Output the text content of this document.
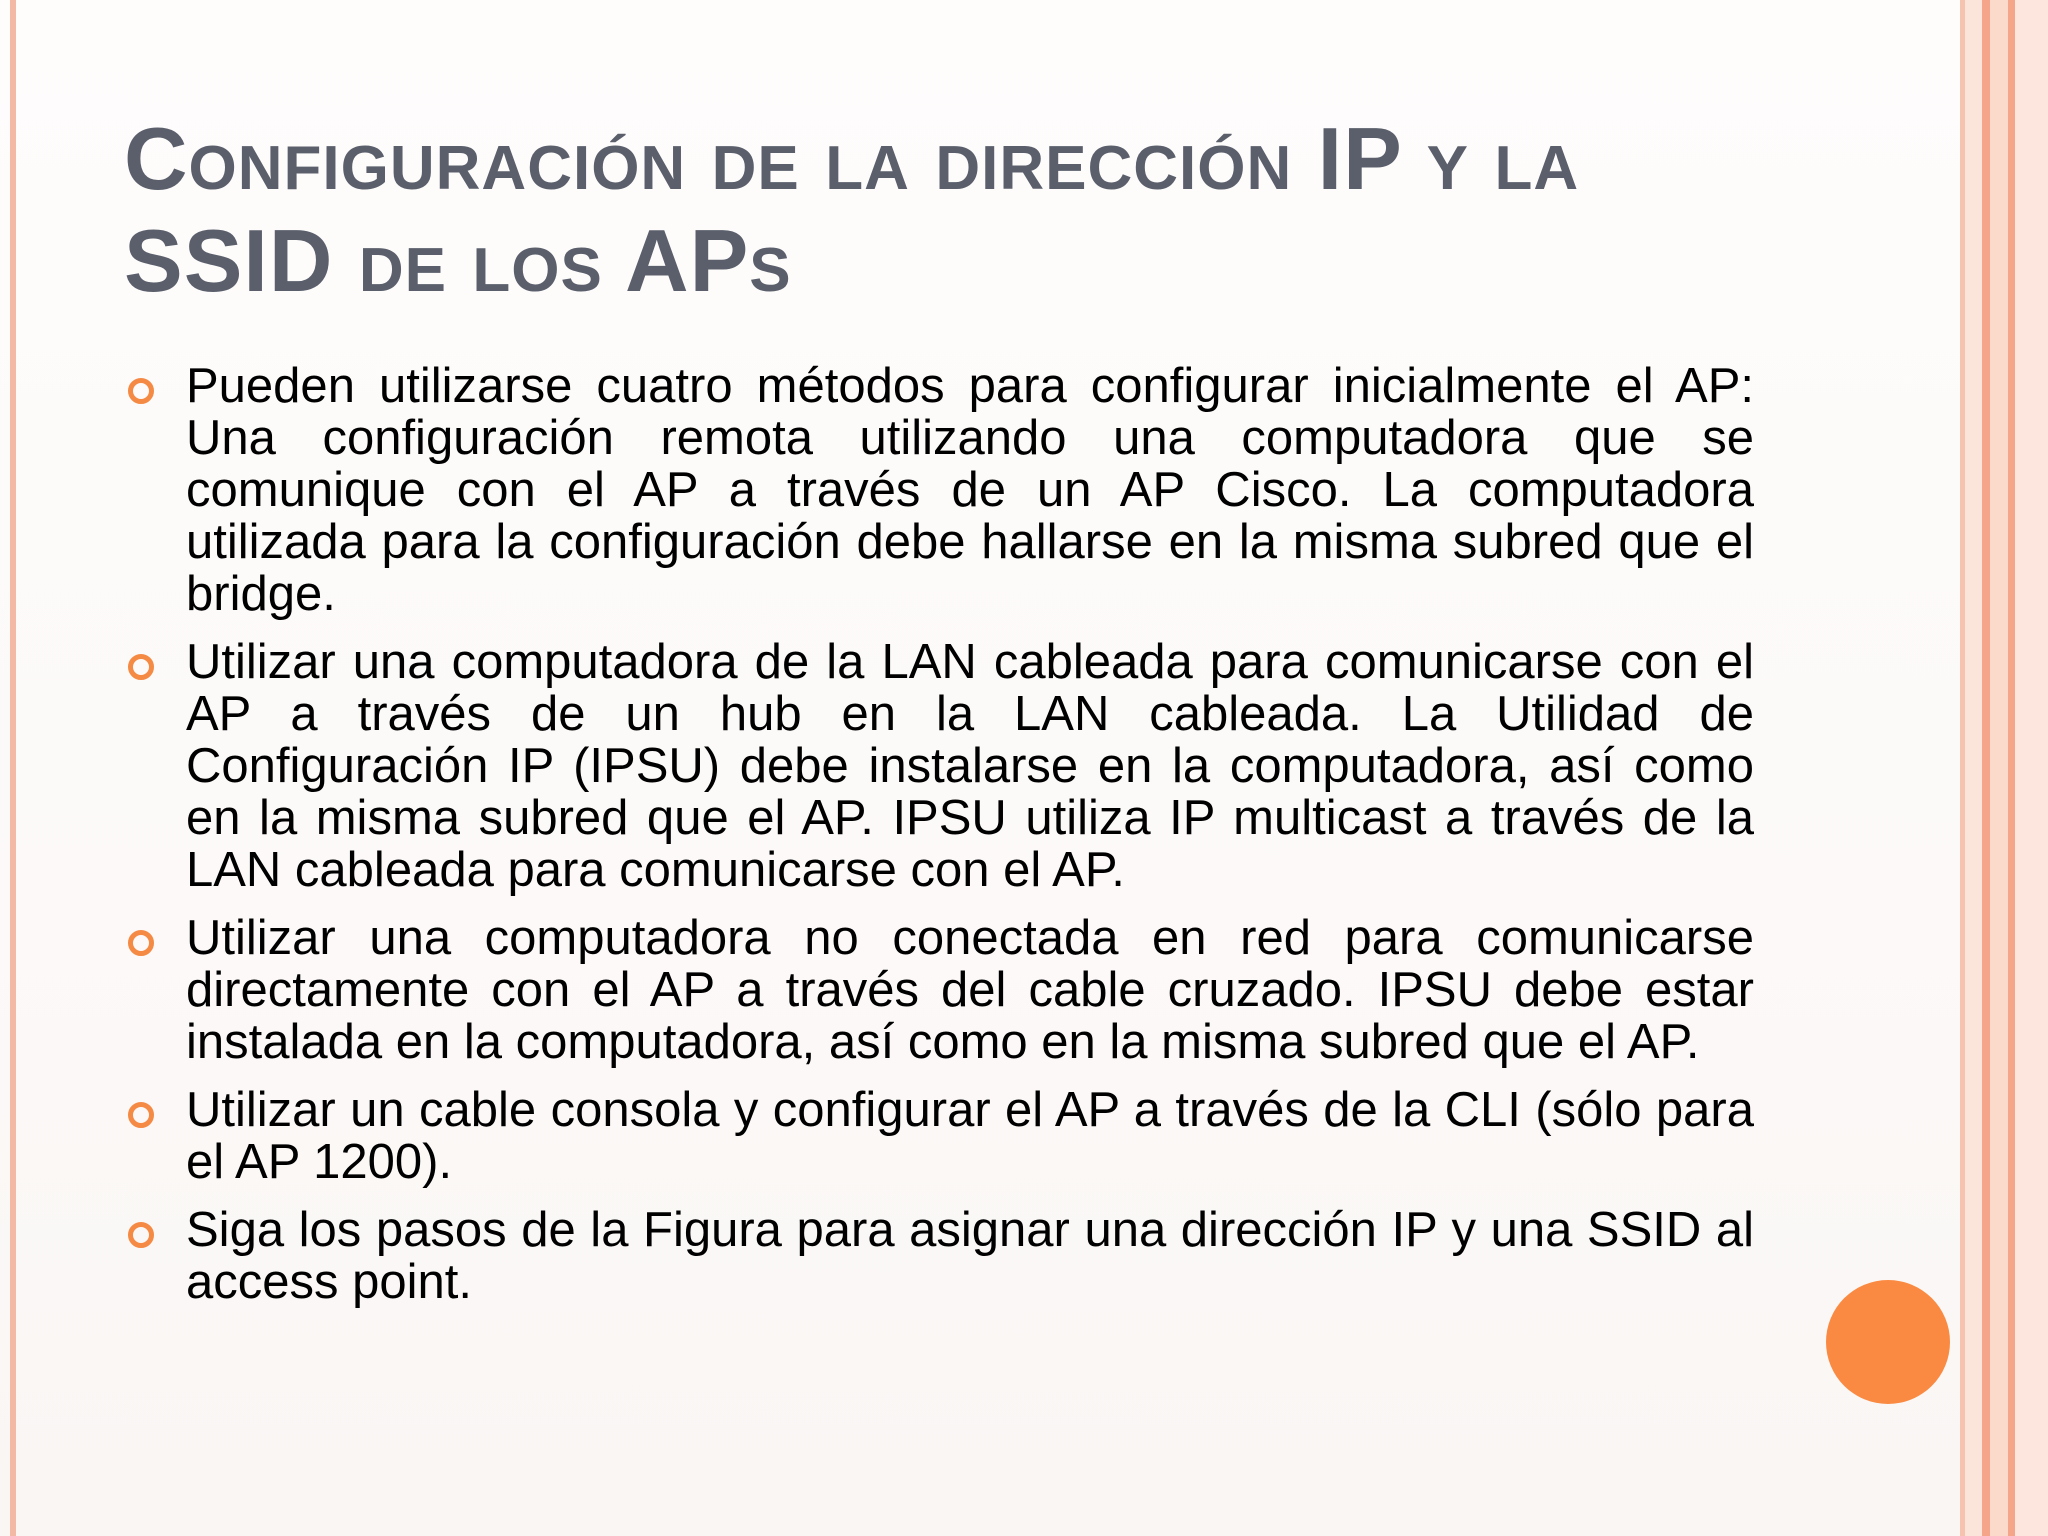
Configuración de la dirección IP y la SSID de los APs
Pueden utilizarse cuatro métodos para configurar inicialmente el AP: Una configuración remota utilizando una computadora que se comunique con el AP a través de un AP Cisco. La computadora utilizada para la configuración debe hallarse en la misma subred que el bridge.
Utilizar una computadora de la LAN cableada para comunicarse con el AP a través de un hub en la LAN cableada. La Utilidad de Configuración IP (IPSU) debe instalarse en la computadora, así como en la misma subred que el AP. IPSU utiliza IP multicast a través de la LAN cableada para comunicarse con el AP.
Utilizar una computadora no conectada en red para comunicarse directamente con el AP a través del cable cruzado. IPSU debe estar instalada en la computadora, así como en la misma subred que el AP.
Utilizar un cable consola y configurar el AP a través de la CLI (sólo para el AP 1200).
Siga los pasos de la Figura para asignar una dirección IP y una SSID al access point.
